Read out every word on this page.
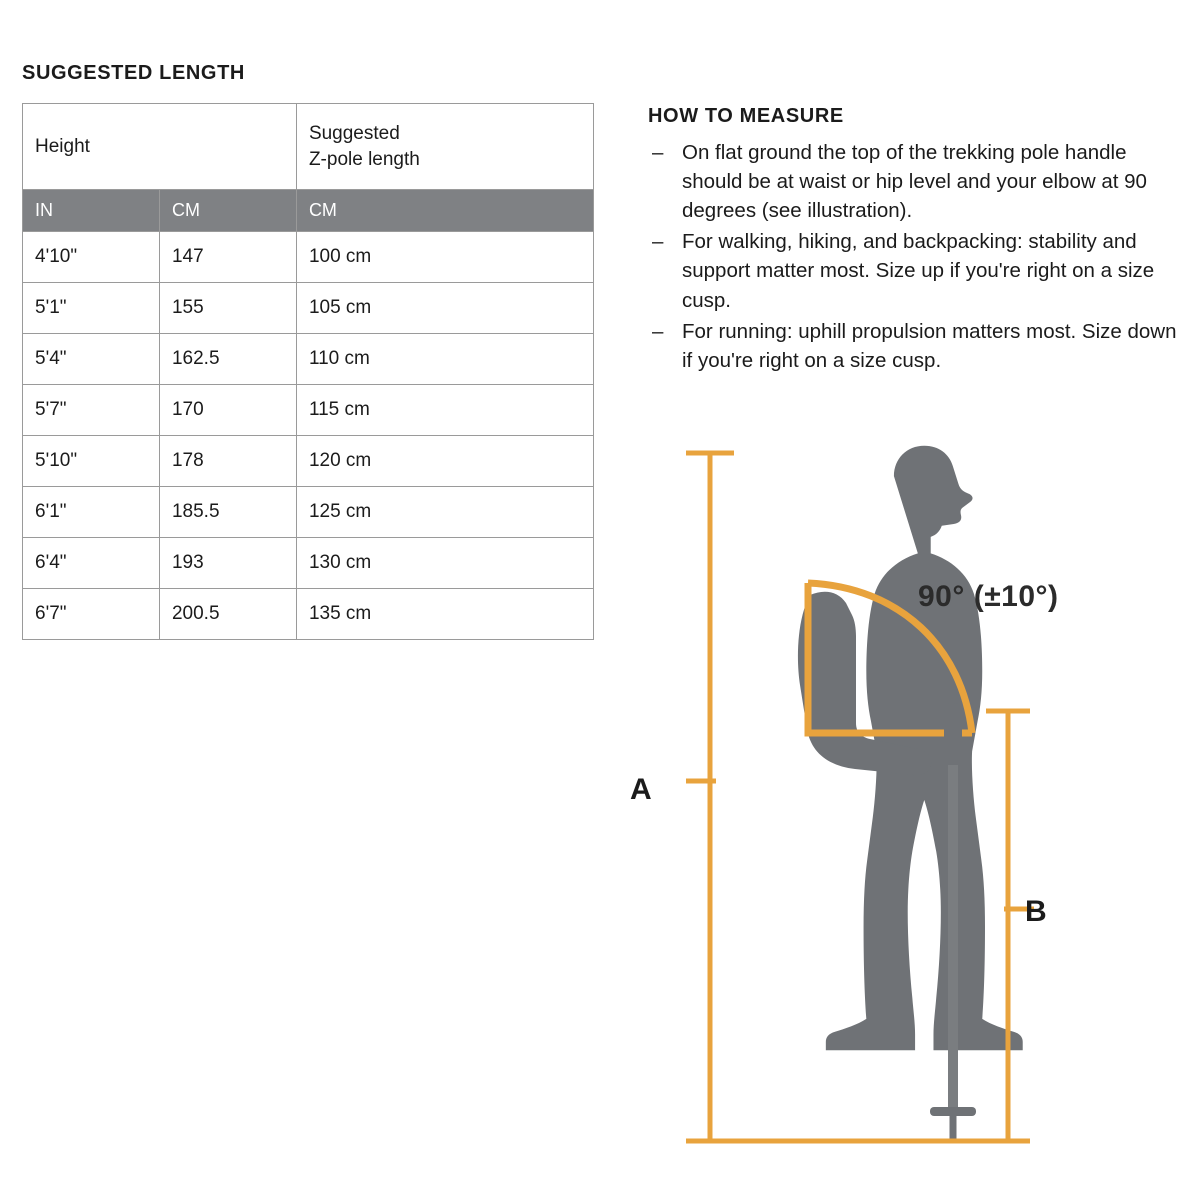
SUGGESTED LENGTH
Height		Suggested
Z-pole length
IN	CM	CM
4'10"	147	100 cm
5'1"	155	105 cm
5'4"	162.5	110 cm
5'7"	170	115 cm
5'10"	178	120 cm
6'1"	185.5	125 cm
6'4"	193	130 cm
6'7"	200.5	135 cm
HOW TO MEASURE
– On flat ground the top of the trekking pole handle should be at waist or hip level and your elbow at 90 degrees (see illustration).
– For walking, hiking, and backpacking: stability and support matter most. Size up if you're right on a size cusp.
– For running: uphill propulsion matters most. Size down if you're right on a size cusp.
90° (±10°)
A
B
